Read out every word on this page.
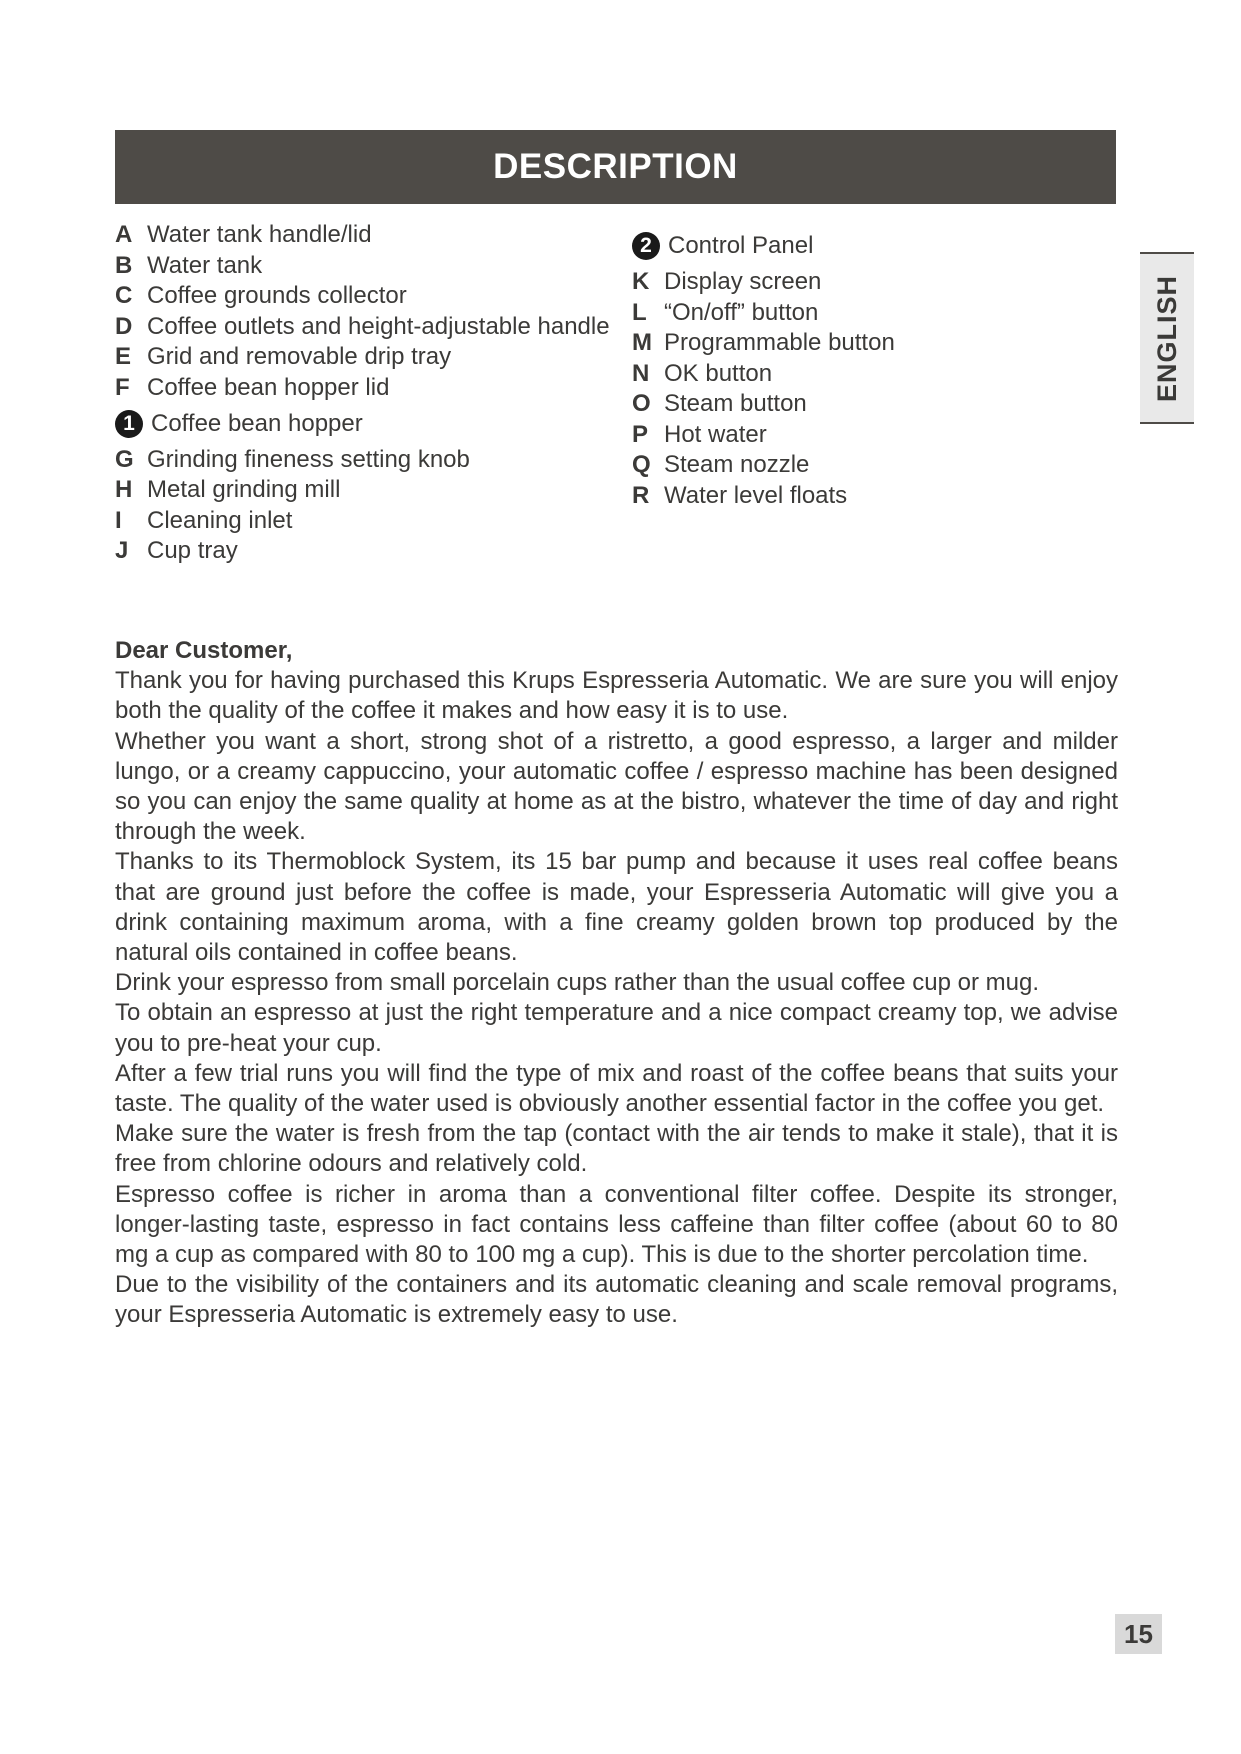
DESCRIPTION
A Water tank handle/lid
B Water tank
C Coffee grounds collector
D Coffee outlets and height-adjustable handle
E Grid and removable drip tray
F Coffee bean hopper lid
1 Coffee bean hopper
G Grinding fineness setting knob
H Metal grinding mill
I	Cleaning inlet
J Cup tray
2 Control Panel
K Display screen
L “On/off” button
M Programmable button
N OK button
O Steam button
P Hot water
Q Steam nozzle
R Water level floats
ENGLISH
Dear Customer,

Thank you for having purchased this Krups Espresseria Automatic. We are sure you will enjoy both the quality of the coffee it makes and how easy it is to use.

Whether you want a short, strong shot of a ristretto, a good espresso, a larger and milder lungo, or a creamy cappuccino, your automatic coffee / espresso machine has been designed so you can enjoy the same quality at home as at the bistro, whatever the time of day and right through the week.

Thanks to its Thermoblock System, its 15 bar pump and because it uses real coffee beans that are ground just before the coffee is made, your Espresseria Automatic will give you a drink containing maximum aroma, with a fine creamy golden brown top produced by the natural oils contained in coffee beans.

Drink your espresso from small porcelain cups rather than the usual coffee cup or mug.

To obtain an espresso at just the right temperature and a nice compact creamy top, we advise you to pre-heat your cup.

After a few trial runs you will find the type of mix and roast of the coffee beans that suits your taste. The quality of the water used is obviously another essential factor in the coffee you get.

Make sure the water is fresh from the tap (contact with the air tends to make it stale), that it is free from chlorine odours and relatively cold.

Espresso coffee is richer in aroma than a conventional filter coffee. Despite its stronger, longer-lasting taste, espresso in fact contains less caffeine than filter coffee (about 60 to 80 mg a cup as compared with 80 to 100 mg a cup). This is due to the shorter percolation time.

Due to the visibility of the containers and its automatic cleaning and scale removal programs, your Espresseria Automatic is extremely easy to use.

15
